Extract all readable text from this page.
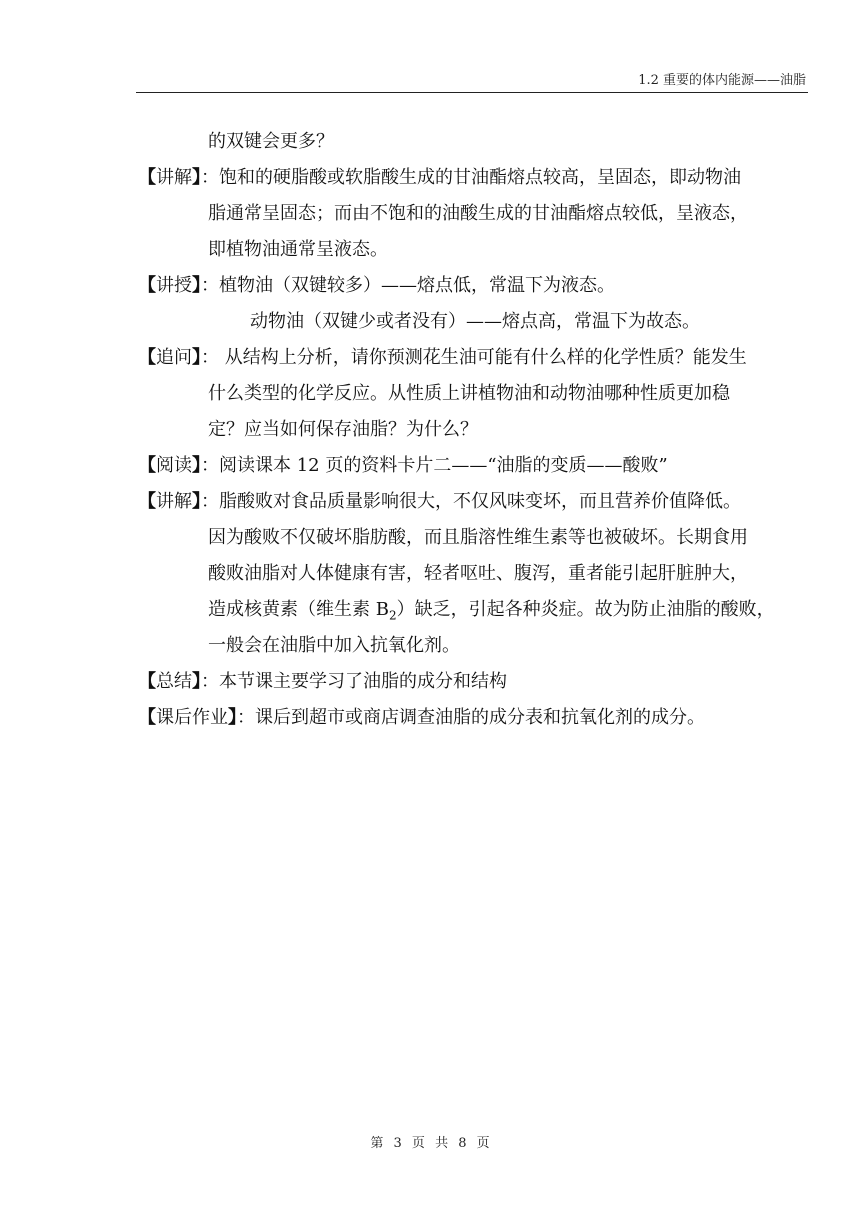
1.2 重要的体内能源——油脂

的双键会更多？

【讲解】：饱和的硬脂酸或软脂酸生成的甘油酯熔点较高，呈固态，即动物油
脂通常呈固态；而由不饱和的油酸生成的甘油酯熔点较低，呈液态，
即植物油通常呈液态。

【讲授】：植物油（双键较多）——熔点低，常温下为液态。
动物油（双键少或者没有）——熔点高，常温下为故态。

【追问】： 从结构上分析，请你预测花生油可能有什么样的化学性质？能发生
什么类型的化学反应。从性质上讲植物油和动物油哪种性质更加稳
定？应当如何保存油脂？为什么？

【阅读】：阅读课本 12 页的资料卡片二——“油脂的变质——酸败”

【讲解】：脂酸败对食品质量影响很大，不仅风味变坏，而且营养价值降低。
因为酸败不仅破坏脂肪酸，而且脂溶性维生素等也被破坏。长期食用
酸败油脂对人体健康有害，轻者呕吐、腹泻，重者能引起肝脏肿大，
造成核黄素（维生素 $B_2$）缺乏，引起各种炎症。故为防止油脂的酸败，
一般会在油脂中加入抗氧化剂。

【总结】：本节课主要学习了油脂的成分和结构

【课后作业】：课后到超市或商店调查油脂的成分表和抗氧化剂的成分。

第 3 页 共 8 页
